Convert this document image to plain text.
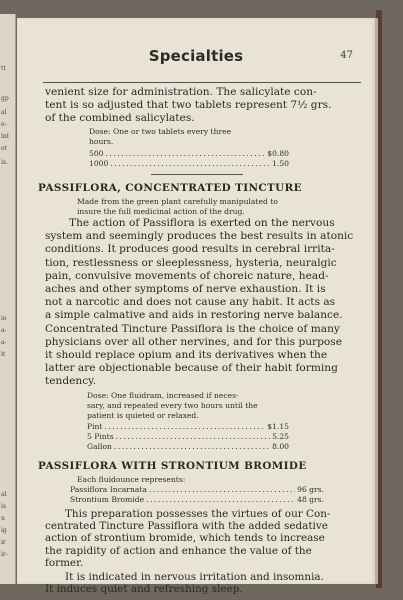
tt
gp
al
o-
int
ot
is.
io
a-
a-
it
al
is
u
ig
ir
ir-
Specialties	47
venient size for administration. The salicylate con-
tent is so adjusted that two tablets represent 7½ grs.
of the combined salicylates.
Dose: One or two tablets every three
hours.
500 .....	$0.80
1000 .....	1.50
PASSIFLORA, CONCENTRATED TINCTURE
Made from the green plant carefully manipulated to
insure the full medicinal action of the drug.
The action of Passiflora is exerted on the nervous
system and seemingly produces the best results in atonic
conditions. It produces good results in cerebral irrita-
tion, restlessness or sleeplessness, hysteria, neuralgic
pain, convulsive movements of choreic nature, head-
aches and other symptoms of nerve exhaustion. It is
not a narcotic and does not cause any habit. It acts as
a simple calmative and aids in restoring nerve balance.
Concentrated Tincture Passiflora is the choice of many
physicians over all other nervines, and for this purpose
it should replace opium and its derivatives when the
latter are objectionable because of their habit forming
tendency.
Dose: One fluidram, increased if neces-
sary, and repeated every two hours until the
patient is quieted or relaxed.
Pint .....	$1.15
5 Pints .....	5.25
Gallon .....	8.00
PASSIFLORA WITH STRONTIUM BROMIDE
Each fluidounce represents:
Passiflora Incarnata .....	96 grs.
Strontium Bromide .....	48 grs.
This preparation possesses the virtues of our Con-
centrated Tincture Passiflora with the added sedative
action of strontium bromide, which tends to increase
the rapidity of action and enhance the value of the
former.
It is indicated in nervous irritation and insomnia.
It induces quiet and refreshing sleep.
